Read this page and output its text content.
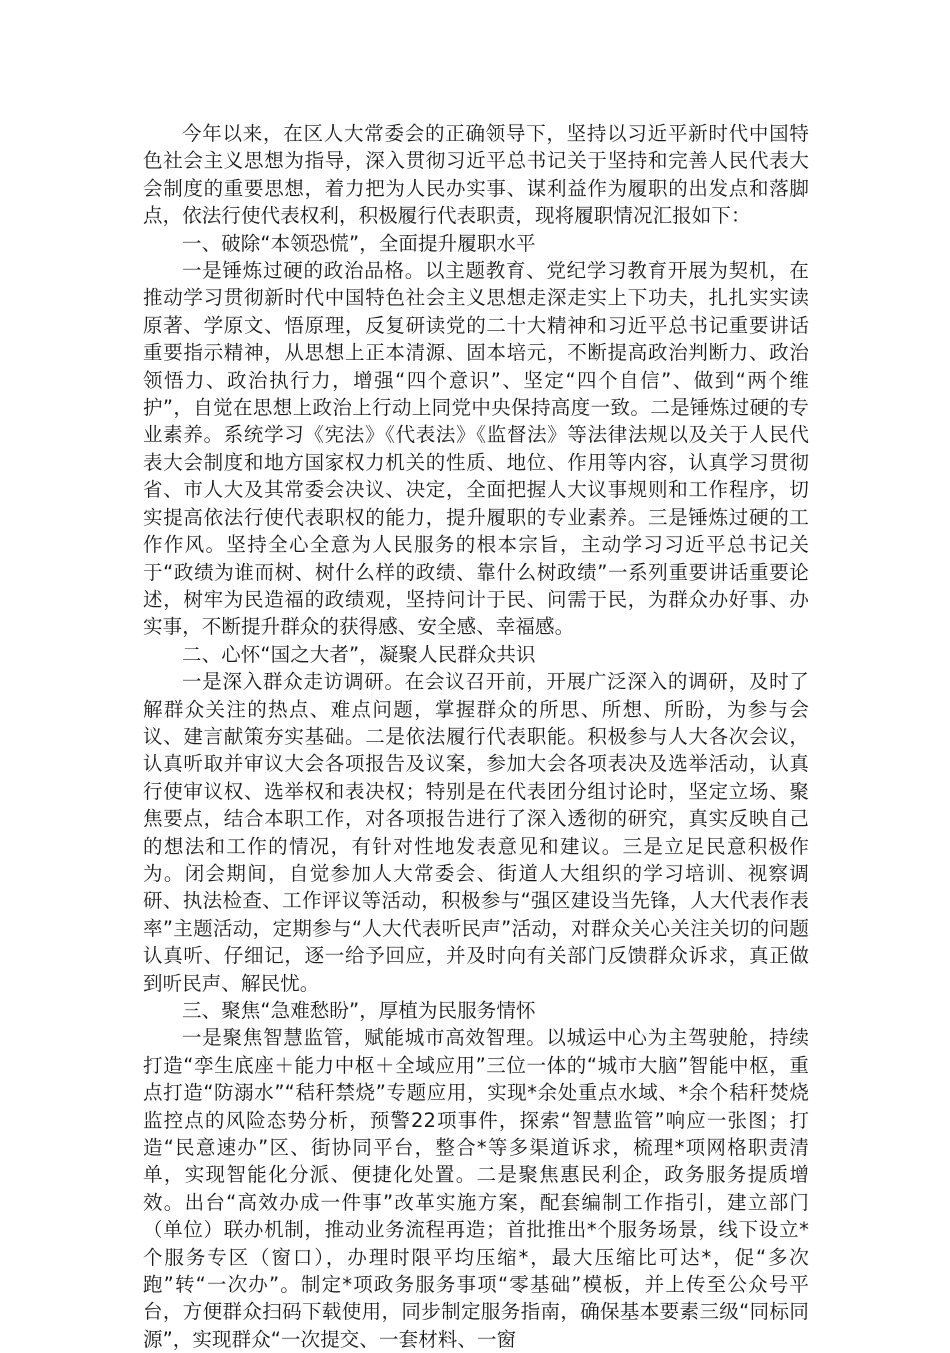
今年以来，在区人大常委会的正确领导下，坚持以习近平新时代中国特色社会主义思想为指导，深入贯彻习近平总书记关于坚持和完善人民代表大会制度的重要思想，着力把为人民办实事、谋利益作为履职的出发点和落脚点，依法行使代表权利，积极履行代表职责，现将履职情况汇报如下：

一、破除“本领恐慌”，全面提升履职水平

一是锤炼过硬的政治品格。以主题教育、党纪学习教育开展为契机，在推动学习贯彻新时代中国特色社会主义思想走深走实上下功夫，扎扎实实读原著、学原文、悟原理，反复研读党的二十大精神和习近平总书记重要讲话重要指示精神，从思想上正本清源、固本培元，不断提高政治判断力、政治领悟力、政治执行力，增强“四个意识”、坚定“四个自信”、做到“两个维护”，自觉在思想上政治上行动上同党中央保持高度一致。二是锤炼过硬的专业素养。系统学习《宪法》《代表法》《监督法》等法律法规以及关于人民代表大会制度和地方国家权力机关的性质、地位、作用等内容，认真学习贯彻省、市人大及其常委会决议、决定，全面把握人大议事规则和工作程序，切实提高依法行使代表职权的能力，提升履职的专业素养。三是锤炼过硬的工作作风。坚持全心全意为人民服务的根本宗旨，主动学习习近平总书记关于“政绩为谁而树、树什么样的政绩、靠什么树政绩”一系列重要讲话重要论述，树牢为民造福的政绩观，坚持问计于民、问需于民，为群众办好事、办实事，不断提升群众的获得感、安全感、幸福感。

二、心怀“国之大者”，凝聚人民群众共识

一是深入群众走访调研。在会议召开前，开展广泛深入的调研，及时了解群众关注的热点、难点问题，掌握群众的所思、所想、所盼，为参与会议、建言献策夯实基础。二是依法履行代表职能。积极参与人大各次会议，认真听取并审议大会各项报告及议案，参加大会各项表决及选举活动，认真行使审议权、选举权和表决权；特别是在代表团分组讨论时，坚定立场、聚焦要点，结合本职工作，对各项报告进行了深入透彻的研究，真实反映自己的想法和工作的情况，有针对性地发表意见和建议。三是立足民意积极作为。闭会期间，自觉参加人大常委会、街道人大组织的学习培训、视察调研、执法检查、工作评议等活动，积极参与“强区建设当先锋，人大代表作表率”主题活动，定期参与“人大代表听民声”活动，对群众关心关注关切的问题认真听、仔细记，逐一给予回应，并及时向有关部门反馈群众诉求，真正做到听民声、解民忧。

三、聚焦“急难愁盼”，厚植为民服务情怀

一是聚焦智慧监管，赋能城市高效智理。以城运中心为主驾驶舱，持续打造“孪生底座＋能力中枢＋全域应用”三位一体的“城市大脑”智能中枢，重点打造“防溺水”“秸秆禁烧”专题应用，实现*余处重点水域、*余个秸秆焚烧监控点的风险态势分析，预警22项事件，探索“智慧监管”响应一张图；打造“民意速办”区、街协同平台，整合*等多渠道诉求，梳理*项网格职责清单，实现智能化分派、便捷化处置。二是聚焦惠民利企，政务服务提质增效。出台“高效办成一件事”改革实施方案，配套编制工作指引，建立部门（单位）联办机制，推动业务流程再造；首批推出*个服务场景，线下设立*个服务专区（窗口），办理时限平均压缩*，最大压缩比可达*，促“多次跑”转“一次办”。制定*项政务服务事项“零基础”模板，并上传至公众号平台，方便群众扫码下载使用，同步制定服务指南，确保基本要素三级“同标同源”，实现群众“一次提交、一套材料、一窗
